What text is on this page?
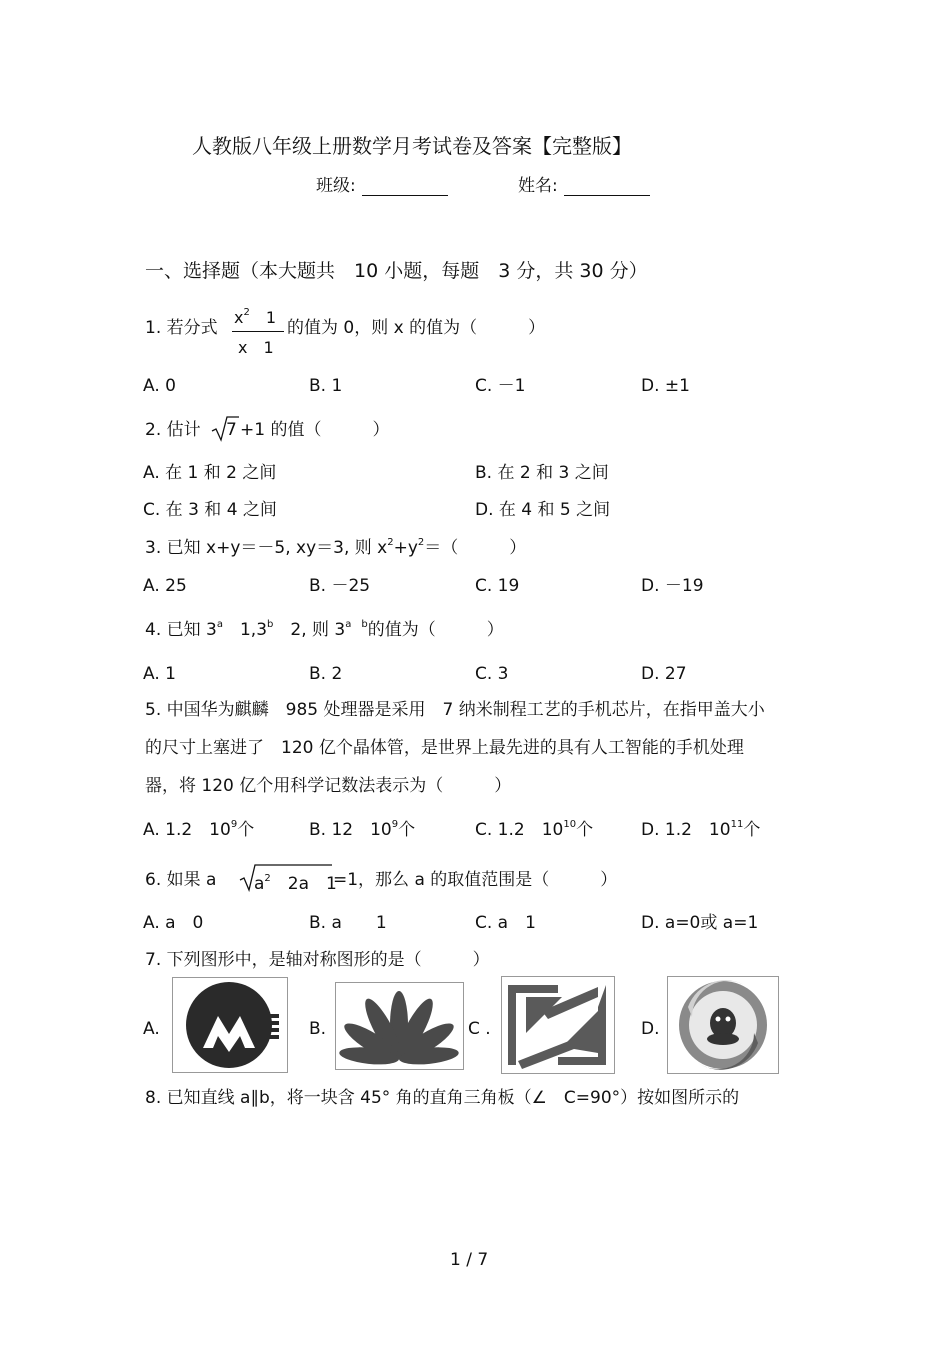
人教版八年级上册数学月考试卷及答案【完整版】
班级:	姓名:
一、选择题（本大题共　10 小题，每题　3 分，共 30 分）
1. 若分式
$x^2$ 1
x　1
的值为 0，则 x 的值为（　　　）
A. 0	B. 1	C. －1	D. ±1
2. 估计 7 +1 的值（　　　）
A. 在 1 和 2 之间	B. 在 2 和 3 之间
C. 在 3 和 4 之间	D. 在 4 和 5 之间
3. 已知 x+y＝－5, xy＝3, 则 $x^2+y^2=$（　　　）
A. 25	B. －25	C. 19	D. －19
4. 已知 3$^a$　1,3$^b$　2, 则 $3^{a b}$的值为（　　　）
A. 1	B. 2	C. 3	D. 27
5. 中国华为麒麟　985 处理器是采用　7 纳米制程工艺的手机芯片，在指甲盖大小
的尺寸上塞进了　120 亿个晶体管，是世界上最先进的具有人工智能的手机处理
器，将 120 亿个用科学记数法表示为（　　　）
A. 1.2　$10^9$个	B. 12　$10^9$个	C. 1.2　$10^{10}$个	D. 1.2　$10^{11}$个
6. 如果 a $a^2$　2a　1
=1，那么 a 的取值范围是（　　　）
A. a　0	B. a　　1	C. a　1	D. a=0或 a=1
7. 下列图形中，是轴对称图形的是（　　　）
A.	B.	C .	D.
8. 已知直线 a∥b，将一块含 45° 角的直角三角板（∠　C=90°）按如图所示的
1 / 7
